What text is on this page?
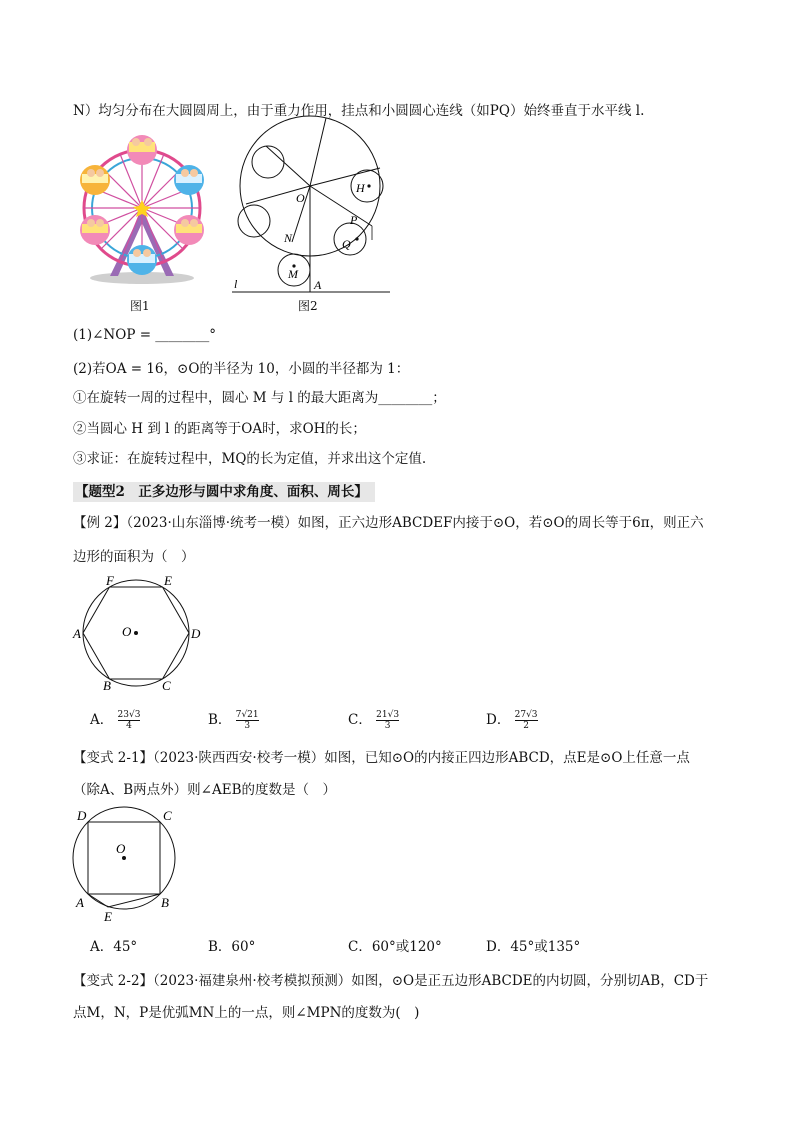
N）均匀分布在大圆圆周上，由于重力作用，挂点和小圆圆心连线（如PQ）始终垂直于水平线 l.
图1
O
H
P
Q
N
M
A
l
图2
(1)∠NOP = ________°
(2)若OA = 16，⊙O的半径为 10，小圆的半径都为 1：
①在旋转一周的过程中，圆心 M 与 l 的最大距离为________；
②当圆心 H 到 l 的距离等于OA时，求OH的长；
③求证：在旋转过程中，MQ的长为定值，并求出这个定值.
【题型2　正多边形与圆中求角度、面积、周长】
【例 2】（2023·山东淄博·统考一模）如图，正六边形ABCDEF内接于⊙O，若⊙O的周长等于6π，则正六
边形的面积为（　）
F	E
A	D
B	C
O
A． $\frac{23√3}{4}$	B． $\frac{7√21}{3}$	C． $\frac{21√3}{3}$	D． $\frac{27√3}{2}$
【变式 2-1】（2023·陕西西安·校考一模）如图，已知⊙O的内接正四边形ABCD，点E是⊙O上任意一点
（除A、B两点外）则∠AEB的度数是（　）
D	C
O
A	B
E
A．45°	B．60°	C．60°或120°	D．45°或135°
【变式 2-2】（2023·福建泉州·校考模拟预测）如图，⊙O是正五边形ABCDE的内切圆，分别切AB，CD于
点M，N，P是优弧MN上的一点，则∠MPN的度数为(　)
